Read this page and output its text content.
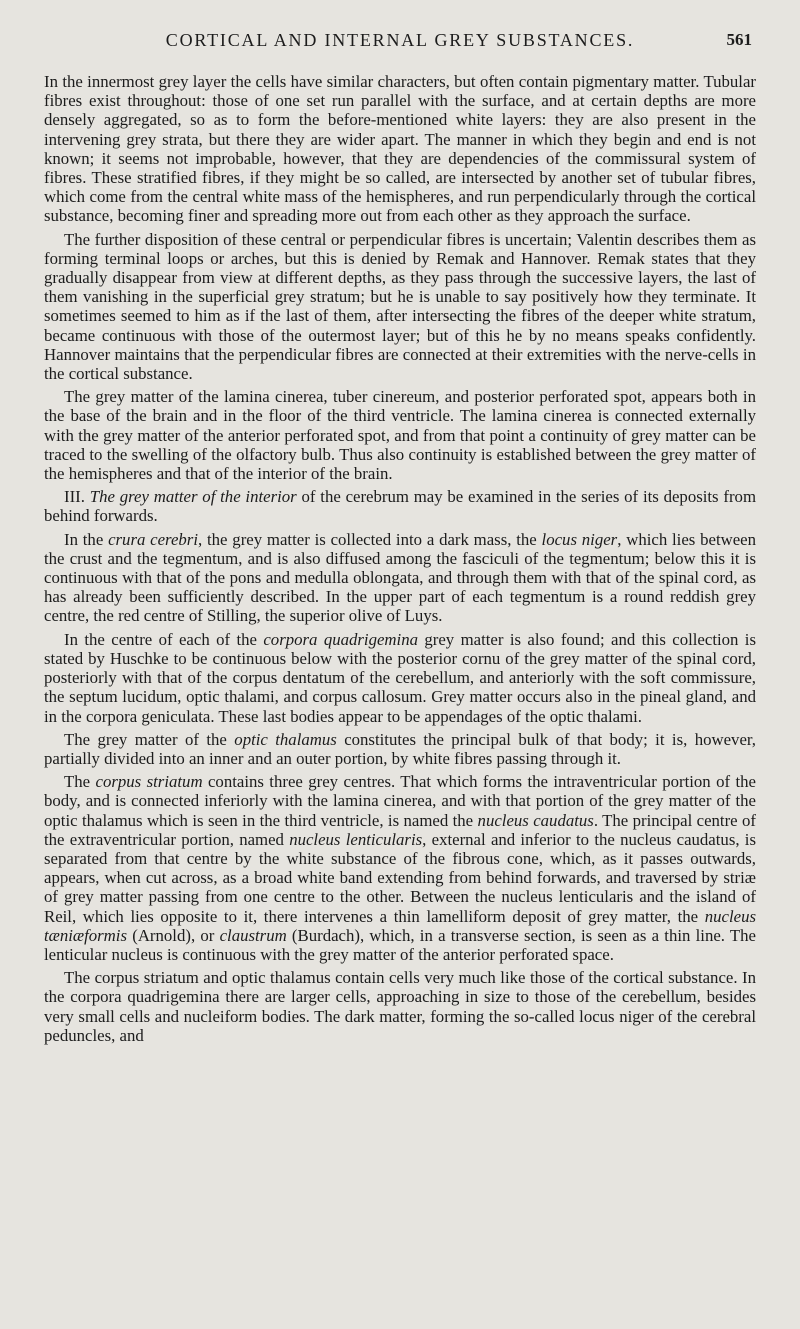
CORTICAL AND INTERNAL GREY SUBSTANCES.	561

In the innermost grey layer the cells have similar characters, but often contain pigmentary matter. Tubular fibres exist throughout: those of one set run parallel with the surface, and at certain depths are more densely aggregated, so as to form the before-mentioned white layers: they are also present in the intervening grey strata, but there they are wider apart. The manner in which they begin and end is not known; it seems not improbable, however, that they are dependencies of the commissural system of fibres. These stratified fibres, if they might be so called, are intersected by another set of tubular fibres, which come from the central white mass of the hemispheres, and run perpendicularly through the cortical substance, becoming finer and spreading more out from each other as they approach the surface.

The further disposition of these central or perpendicular fibres is uncertain; Valentin describes them as forming terminal loops or arches, but this is denied by Remak and Hannover. Remak states that they gradually disappear from view at different depths, as they pass through the successive layers, the last of them vanishing in the superficial grey stratum; but he is unable to say positively how they terminate. It sometimes seemed to him as if the last of them, after intersecting the fibres of the deeper white stratum, became continuous with those of the outermost layer; but of this he by no means speaks confidently. Hannover maintains that the perpendicular fibres are connected at their extremities with the nerve-cells in the cortical substance.

The grey matter of the lamina cinerea, tuber cinereum, and posterior perforated spot, appears both in the base of the brain and in the floor of the third ventricle. The lamina cinerea is connected externally with the grey matter of the anterior perforated spot, and from that point a continuity of grey matter can be traced to the swelling of the olfactory bulb. Thus also continuity is established between the grey matter of the hemispheres and that of the interior of the brain.

III. The grey matter of the interior of the cerebrum may be examined in the series of its deposits from behind forwards.

In the crura cerebri, the grey matter is collected into a dark mass, the locus niger, which lies between the crust and the tegmentum, and is also diffused among the fasciculi of the tegmentum; below this it is continuous with that of the pons and medulla oblongata, and through them with that of the spinal cord, as has already been sufficiently described. In the upper part of each tegmentum is a round reddish grey centre, the red centre of Stilling, the superior olive of Luys.

In the centre of each of the corpora quadrigemina grey matter is also found; and this collection is stated by Huschke to be continuous below with the posterior cornu of the grey matter of the spinal cord, posteriorly with that of the corpus dentatum of the cerebellum, and anteriorly with the soft commissure, the septum lucidum, optic thalami, and corpus callosum. Grey matter occurs also in the pineal gland, and in the corpora geniculata. These last bodies appear to be appendages of the optic thalami.

The grey matter of the optic thalamus constitutes the principal bulk of that body; it is, however, partially divided into an inner and an outer portion, by white fibres passing through it.

The corpus striatum contains three grey centres. That which forms the intraventricular portion of the body, and is connected inferiorly with the lamina cinerea, and with that portion of the grey matter of the optic thalamus which is seen in the third ventricle, is named the nucleus caudatus. The principal centre of the extraventricular portion, named nucleus lenticularis, external and inferior to the nucleus caudatus, is separated from that centre by the white substance of the fibrous cone, which, as it passes outwards, appears, when cut across, as a broad white band extending from behind forwards, and traversed by striæ of grey matter passing from one centre to the other. Between the nucleus lenticularis and the island of Reil, which lies opposite to it, there intervenes a thin lamelliform deposit of grey matter, the nucleus tæniæformis (Arnold), or claustrum (Burdach), which, in a transverse section, is seen as a thin line. The lenticular nucleus is continuous with the grey matter of the anterior perforated space.

The corpus striatum and optic thalamus contain cells very much like those of the cortical substance. In the corpora quadrigemina there are larger cells, approaching in size to those of the cerebellum, besides very small cells and nucleiform bodies. The dark matter, forming the so-called locus niger of the cerebral peduncles, and
